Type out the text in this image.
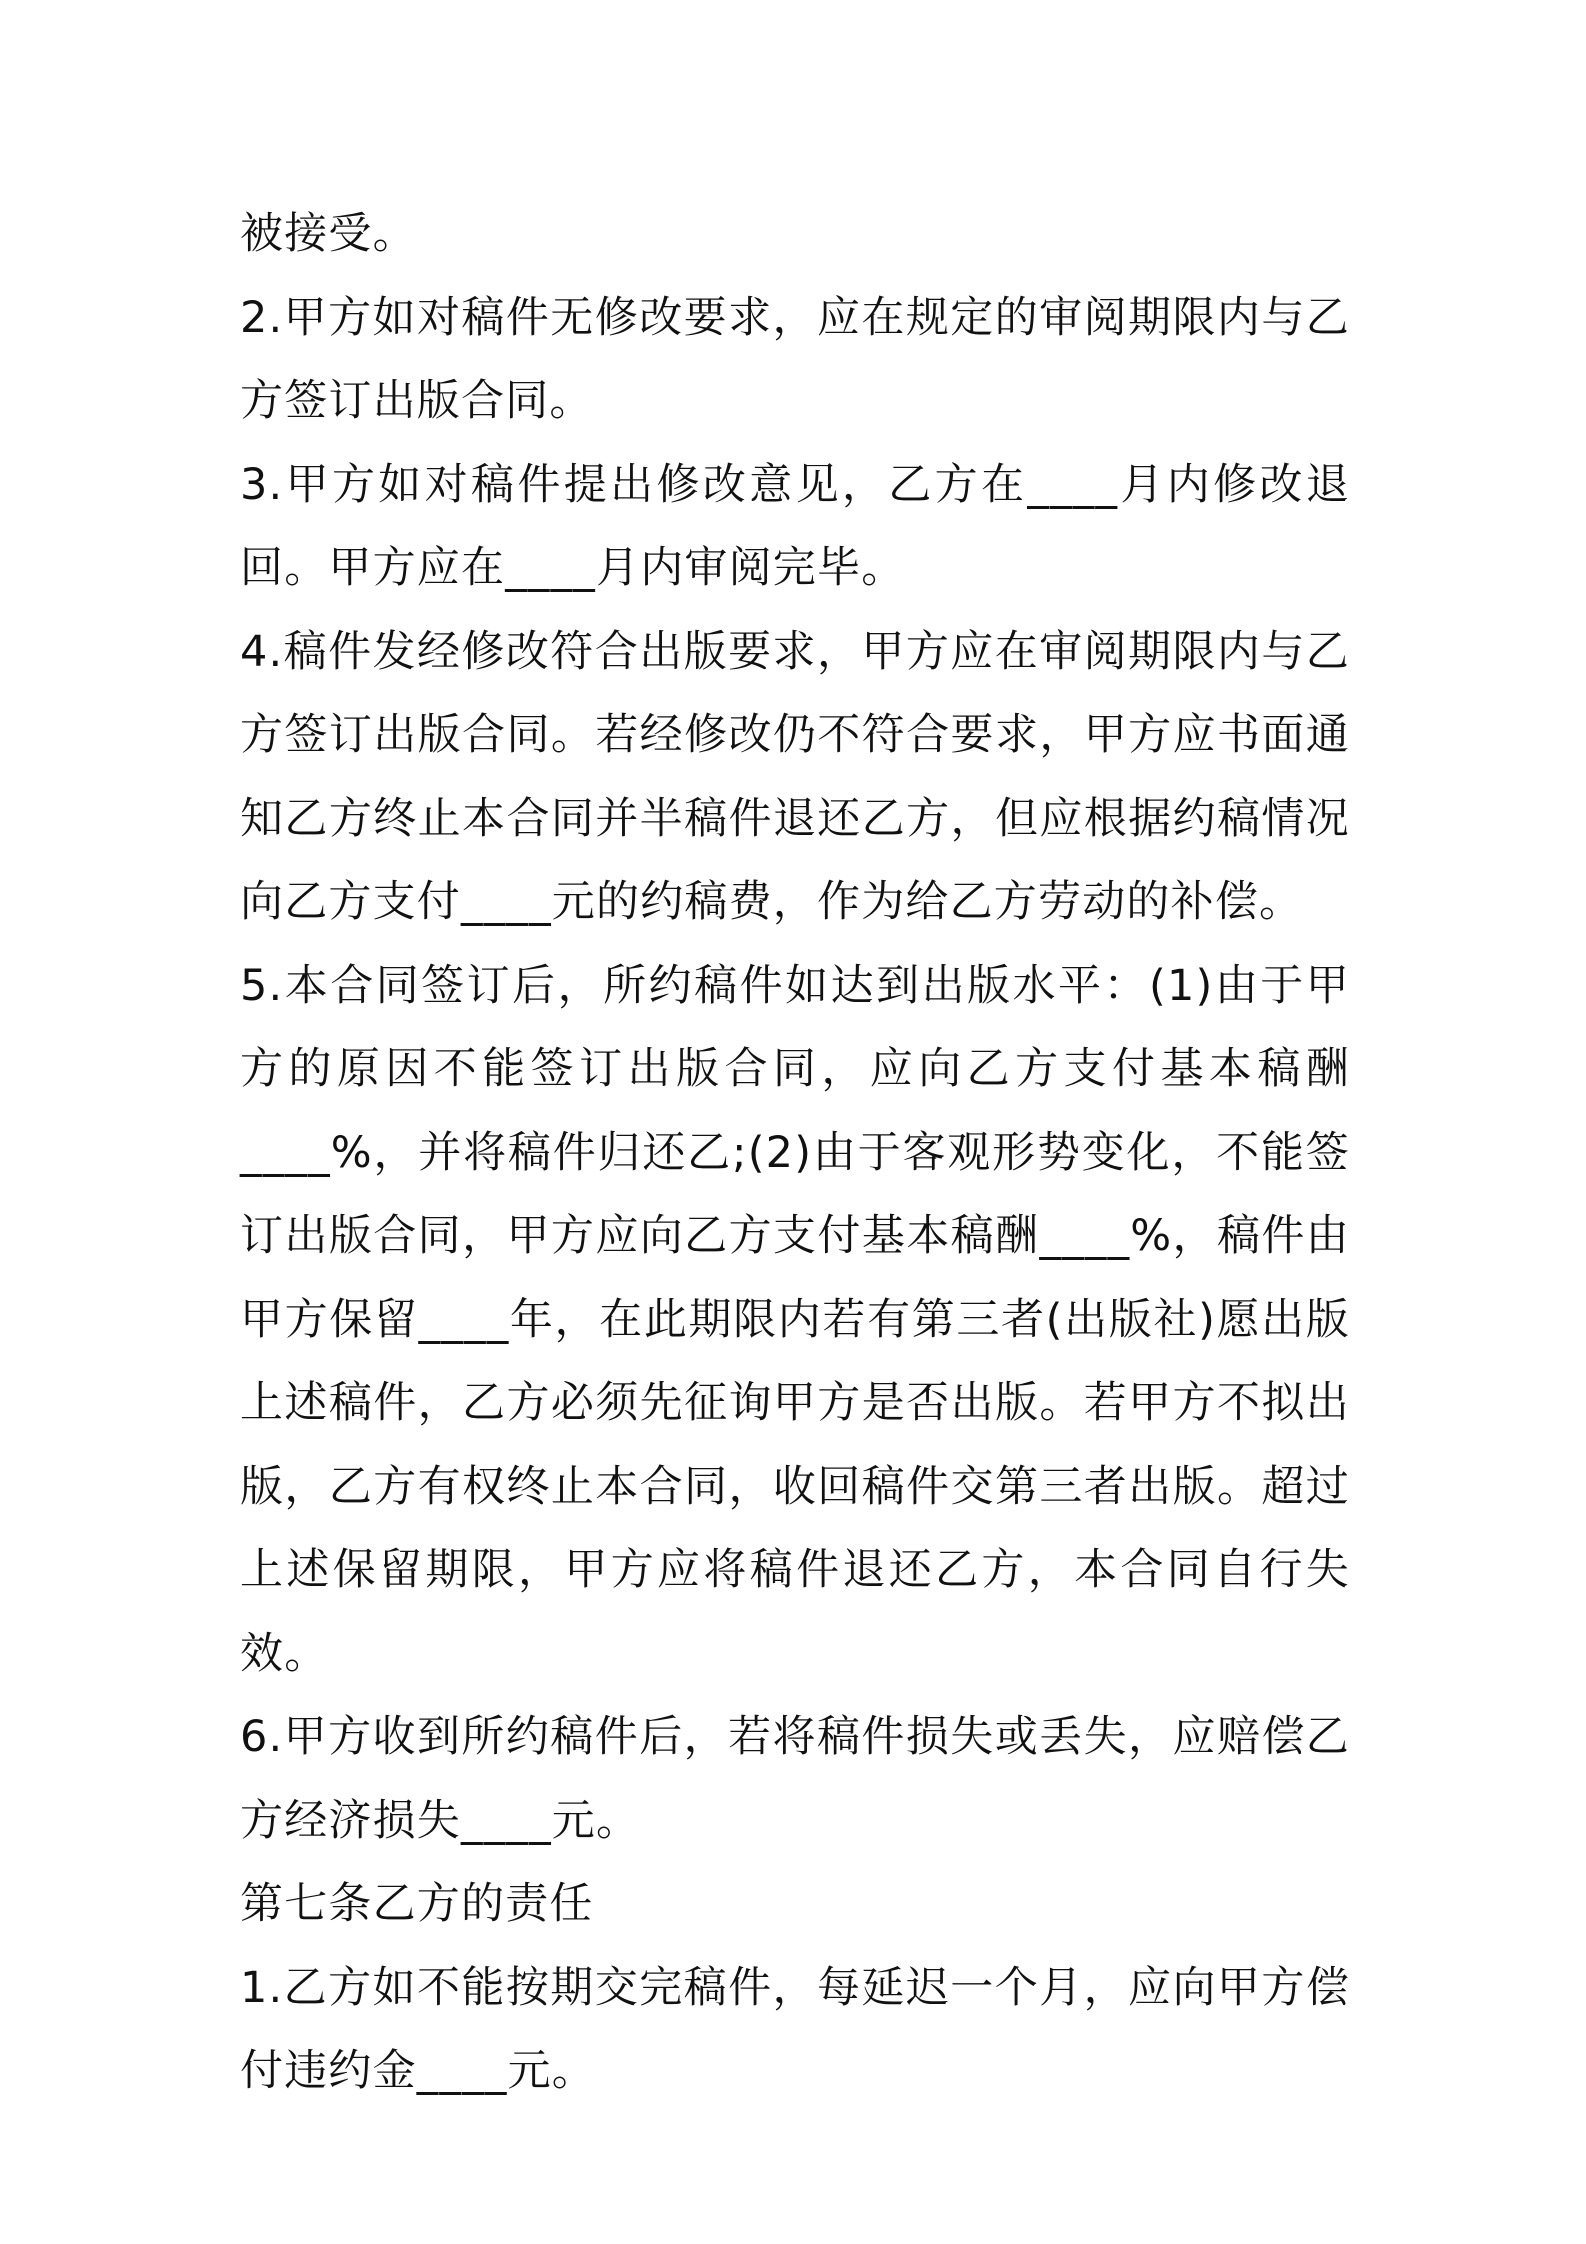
被接受。

2.甲方如对稿件无修改要求，应在规定的审阅期限内与乙方签订出版合同。

3.甲方如对稿件提出修改意见，乙方在____月内修改退回。甲方应在____月内审阅完毕。

4.稿件发经修改符合出版要求，甲方应在审阅期限内与乙方签订出版合同。若经修改仍不符合要求，甲方应书面通知乙方终止本合同并半稿件退还乙方，但应根据约稿情况向乙方支付____元的约稿费，作为给乙方劳动的补偿。

5.本合同签订后，所约稿件如达到出版水平：(1)由于甲方的原因不能签订出版合同，应向乙方支付基本稿酬____%，并将稿件归还乙;(2)由于客观形势变化，不能签订出版合同，甲方应向乙方支付基本稿酬____%，稿件由甲方保留____年，在此期限内若有第三者(出版社)愿出版上述稿件，乙方必须先征询甲方是否出版。若甲方不拟出版，乙方有权终止本合同，收回稿件交第三者出版。超过上述保留期限，甲方应将稿件退还乙方，本合同自行失效。

6.甲方收到所约稿件后，若将稿件损失或丢失，应赔偿乙方经济损失____元。

第七条乙方的责任

1.乙方如不能按期交完稿件，每延迟一个月，应向甲方偿付违约金____元。
